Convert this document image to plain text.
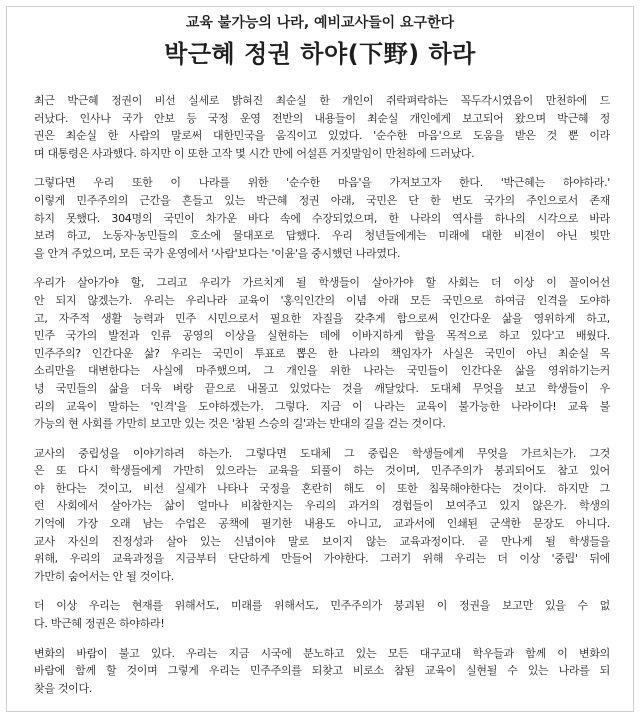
교육 불가능의 나라, 예비교사들이 요구한다
박근혜 정권 하야(下野) 하라
최근 박근혜 정권이 비선 실세로 밝혀진 최순실 한 개인이 쥐락펴락하는 꼭두각시였음이 만천하에 드
러났다. 인사나 국가 안보 등 국정 운영 전반의 내용들이 최순실 개인에게 보고되어 왔으며 박근혜 정
권은 최순실 한 사람의 말로써 대한민국을 움직이고 있었다. '순수한 마음'으로 도움을 받은 것 뿐 이라
며 대통령은 사과했다. 하지만 이 또한 고작 몇 시간 만에 어설픈 거짓말임이 만천하에 드러났다.
그렇다면 우리 또한 이 나라를 위한 '순수한 마음'을 가져보고자 한다. '박근혜는 하야하라.'
이렇게 민주주의의 근간을 흔들고 있는 박근혜 정권 아래, 국민은 단 한 번도 국가의 주인으로서 존재
하지 못했다. 304명의 국민이 차가운 바다 속에 수장되었으며, 한 나라의 역사를 하나의 시각으로 바라
보려 하고, 노동자·농민들의 호소에 물대포로 답했다. 우리 청년들에게는 미래에 대한 비전이 아닌 빚만
을 안겨 주었으며, 모든 국가 운영에서 '사람'보다는 '이윤'을 중시했던 나라였다.
우리가 살아가야 할, 그리고 우리가 가르치게 될 학생들이 살아가야 할 사회는 더 이상 이 꼴이어선
안 되지 않겠는가. 우리는 우리나라 교육이 '홍익인간의 이념 아래 모든 국민으로 하여금 인격을 도야하
고, 자주적 생활 능력과 민주 시민으로서 필요한 자질을 갖추게 함으로써 인간다운 삶을 영위하게 하고,
민주 국가의 발전과 인류 공영의 이상을 실현하는 데에 이바지하게 함을 목적으로 하고 있다'고 배웠다.
민주주의? 인간다운 삶? 우리는 국민이 투표로 뽑은 한 나라의 책임자가 사실은 국민이 아닌 최순실 목
소리만을 대변한다는 사실에 마주했으며, 그 개인을 위한 나라는 국민들이 인간다운 삶을 영위하기는커
녕 국민들의 삶을 더욱 벼랑 끝으로 내몰고 있었다는 것을 깨달았다. 도대체 무엇을 보고 학생들이 우
리의 교육이 말하는 '인격'을 도야하겠는가. 그렇다. 지금 이 나라는 교육이 불가능한 나라이다! 교육 불
가능의 현 사회를 가만히 보고만 있는 것은 '참된 스승의 길'과는 반대의 길을 걷는 것이다.
교사의 중립성을 이야기하려 하는가. 그렇다면 도대체 그 중립은 학생들에게 무엇을 가르치는가. 그것
은 또 다시 학생들에게 가만히 있으라는 교육을 되풀이 하는 것이며, 민주주의가 붕괴되어도 참고 있어
야 한다는 것이고, 비선 실세가 나타나 국정을 혼란히 해도 이 또한 침묵해야한다는 것이다. 하지만 그
런 사회에서 살아가는 삶이 얼마나 비참한지는 우리의 과거의 경험들이 보여주고 있지 않은가. 학생의
기억에 가장 오래 남는 수업은 공책에 필기한 내용도 아니고, 교과서에 인쇄된 군색한 문장도 아니다.
교사 자신의 진정성과 살아 있는 신념이야 말로 보이지 않는 교육과정이다. 곧 만나게 될 학생들을
위해, 우리의 교육과정을 지금부터 단단하게 만들어 가야한다. 그러기 위해 우리는 더 이상 '중립' 뒤에
가만히 숨어서는 안 될 것이다.
더 이상 우리는 현재를 위해서도, 미래를 위해서도, 민주주의가 붕괴된 이 정권을 보고만 있을 수 없
다. 박근혜 정권은 하야하라!
변화의 바람이 불고 있다. 우리는 지금 시국에 분노하고 있는 모든 대구교대 학우들과 함께 이 변화의
바람에 함께 할 것이며 그렇게 우리는 민주주의를 되찾고 비로소 참된 교육이 실현될 수 있는 나라를 되
찾을 것이다.
